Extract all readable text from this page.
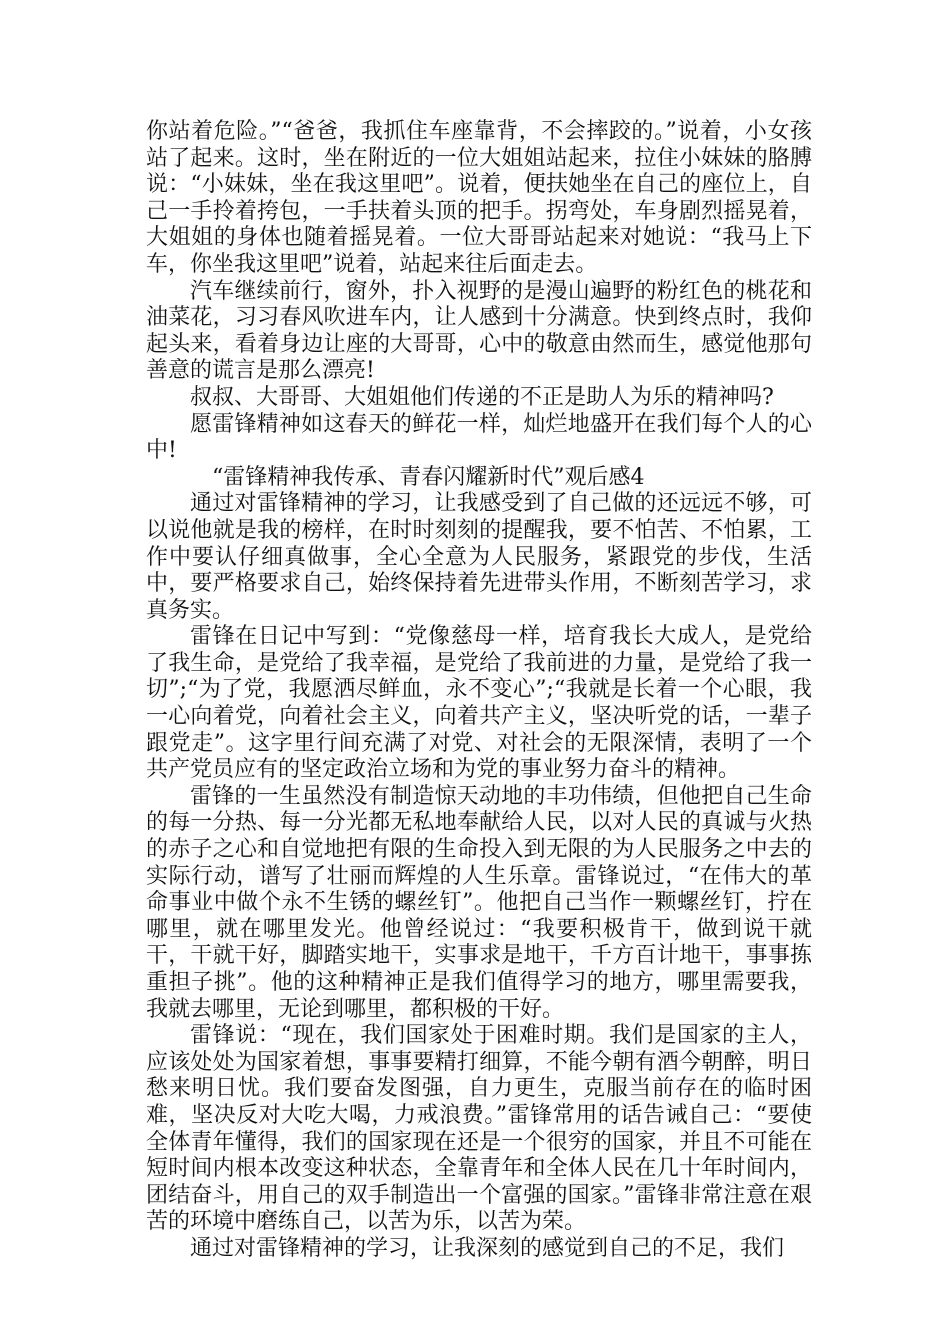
你站着危险。”“爸爸，我抓住车座靠背，不会摔跤的。”说着，小女孩站了起来。这时，坐在附近的一位大姐姐站起来，拉住小妹妹的胳膊说：“小妹妹，坐在我这里吧”。说着，便扶她坐在自己的座位上，自己一手拎着挎包，一手扶着头顶的把手。拐弯处，车身剧烈摇晃着，大姐姐的身体也随着摇晃着。一位大哥哥站起来对她说：“我马上下车，你坐我这里吧”说着，站起来往后面走去。

汽车继续前行，窗外，扑入视野的是漫山遍野的粉红色的桃花和油菜花，习习春风吹进车内，让人感到十分满意。快到终点时，我仰起头来，看着身边让座的大哥哥，心中的敬意由然而生，感觉他那句善意的谎言是那么漂亮!

叔叔、大哥哥、大姐姐他们传递的不正是助人为乐的精神吗?

愿雷锋精神如这春天的鲜花一样，灿烂地盛开在我们每个人的心中!

“雷锋精神我传承、青春闪耀新时代”观后感4

通过对雷锋精神的学习，让我感受到了自己做的还远远不够，可以说他就是我的榜样，在时时刻刻的提醒我，要不怕苦、不怕累，工作中要认仔细真做事，全心全意为人民服务，紧跟党的步伐，生活中，要严格要求自己，始终保持着先进带头作用，不断刻苦学习，求真务实。

雷锋在日记中写到：“党像慈母一样，培育我长大成人，是党给了我生命，是党给了我幸福，是党给了我前进的力量，是党给了我一切”;“为了党，我愿洒尽鲜血，永不变心”;“我就是长着一个心眼，我一心向着党，向着社会主义，向着共产主义，坚决听党的话，一辈子跟党走”。这字里行间充满了对党、对社会的无限深情，表明了一个共产党员应有的坚定政治立场和为党的事业努力奋斗的精神。

雷锋的一生虽然没有制造惊天动地的丰功伟绩，但他把自己生命的每一分热、每一分光都无私地奉献给人民，以对人民的真诚与火热的赤子之心和自觉地把有限的生命投入到无限的为人民服务之中去的实际行动，谱写了壮丽而辉煌的人生乐章。雷锋说过，“在伟大的革命事业中做个永不生锈的螺丝钉”。他把自己当作一颗螺丝钉，拧在哪里，就在哪里发光。他曾经说过：“我要积极肯干，做到说干就干，干就干好，脚踏实地干，实事求是地干，千方百计地干，事事拣重担子挑”。他的这种精神正是我们值得学习的地方，哪里需要我，我就去哪里，无论到哪里，都积极的干好。

雷锋说：“现在，我们国家处于困难时期。我们是国家的主人，应该处处为国家着想，事事要精打细算，不能今朝有酒今朝醉，明日愁来明日忧。我们要奋发图强，自力更生，克服当前存在的临时困难，坚决反对大吃大喝，力戒浪费。”雷锋常用的话告诫自己：“要使全体青年懂得，我们的国家现在还是一个很穷的国家，并且不可能在短时间内根本改变这种状态，全靠青年和全体人民在几十年时间内，团结奋斗，用自己的双手制造出一个富强的国家。”雷锋非常注意在艰苦的环境中磨练自己，以苦为乐，以苦为荣。

通过对雷锋精神的学习，让我深刻的感觉到自己的不足，我们
